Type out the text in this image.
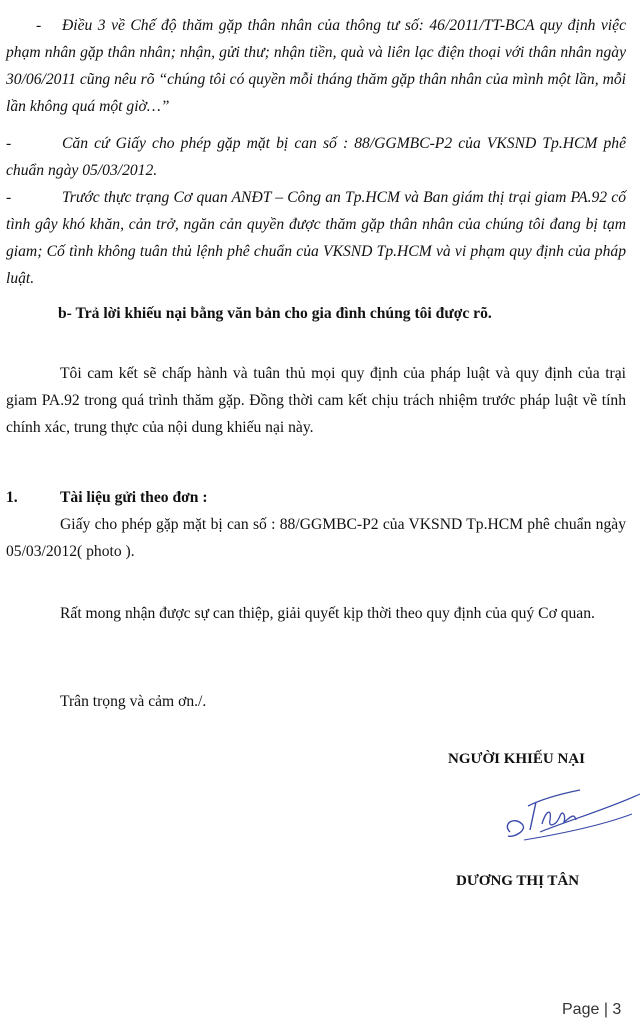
- Điều 3 về Chế độ thăm gặp thân nhân của thông tư số: 46/2011/TT-BCA quy định việc phạm nhân gặp thân nhân; nhận, gửi thư; nhận tiền, quà và liên lạc điện thoại với thân nhân ngày 30/06/2011 cũng nêu rõ “chúng tôi có quyền mỗi tháng thăm gặp thân nhân của mình một lần, mỗi lần không quá một giờ…”

-	Căn cứ Giấy cho phép gặp mặt bị can số : 88/GGMBC-P2 của VKSND Tp.HCM phê chuẩn ngày 05/03/2012.

-	Trước thực trạng Cơ quan ANĐT – Công an Tp.HCM và Ban giám thị trại giam PA.92 cố tình gây khó khăn, cản trở, ngăn cản quyền được thăm gặp thân nhân của chúng tôi đang bị tạm giam; Cố tình không tuân thủ lệnh phê chuẩn của VKSND Tp.HCM và vi phạm quy định của pháp luật.

b- Trả lời khiếu nại bằng văn bản cho gia đình chúng tôi được rõ.

Tôi cam kết sẽ chấp hành và tuân thủ mọi quy định của pháp luật và quy định của trại giam PA.92 trong quá trình thăm gặp. Đồng thời cam kết chịu trách nhiệm trước pháp luật về tính chính xác, trung thực của nội dung khiếu nại này.

1.	Tài liệu gửi theo đơn :

Giấy cho phép gặp mặt bị can số : 88/GGMBC-P2 của VKSND Tp.HCM phê chuẩn ngày 05/03/2012( photo ).

Rất mong nhận được sự can thiệp, giải quyết kịp thời theo quy định của quý Cơ quan.

Trân trọng và cảm ơn./.

NGƯỜI KHIẾU NẠI
DƯƠNG THỊ TÂN
Page | 3
